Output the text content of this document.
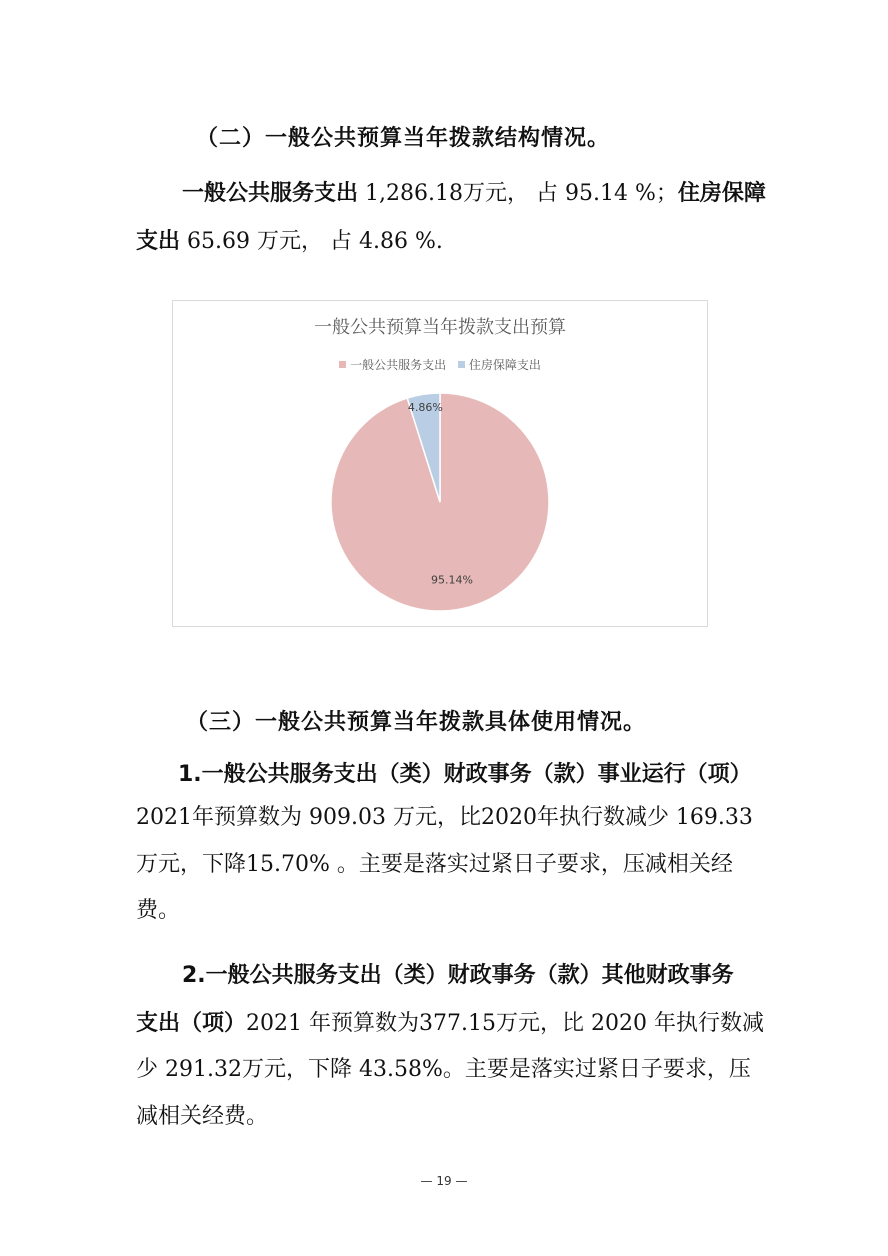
（二）一般公共预算当年拨款结构情况。
一般公共服务支出 1,286.18万元， 占 95.14 %；住房保障
支出 65.69 万元， 占 4.86 %.
一般公共预算当年拨款支出预算
一般公共服务支出 住房保障支出
95.14%
4.86%
（三）一般公共预算当年拨款具体使用情况。
1.一般公共服务支出（类）财政事务（款）事业运行（项）
2021年预算数为 909.03 万元，比2020年执行数减少 169.33
万元，下降15.70% 。主要是落实过紧日子要求，压减相关经
费。
2.一般公共服务支出（类）财政事务（款）其他财政事务
支出（项）2021 年预算数为377.15万元，比 2020 年执行数减
少 291.32万元，下降 43.58%。主要是落实过紧日子要求，压
减相关经费。
— 19 —
